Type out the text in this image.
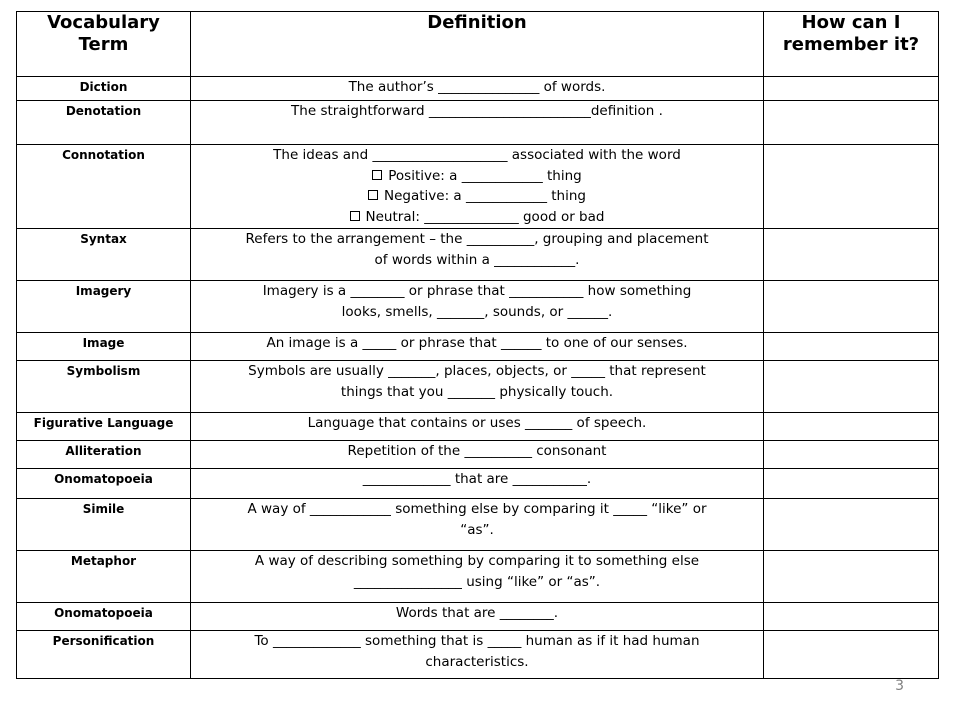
Vocabulary Term	Definition	How can I remember it?
Diction	The author’s _______________ of words.	

Denotation	The straightforward ________________________definition .	

Connotation	The ideas and ____________________ associated with the word
Positive: a ____________ thing
Negative: a ____________ thing
Neutral: ______________ good or bad	

Syntax	Refers to the arrangement – the __________, grouping and placement
of words within a ____________.	

Imagery	Imagery is a ________ or phrase that ___________ how something
looks, smells, _______, sounds, or ______.	

Image	An image is a _____ or phrase that ______ to one of our senses.	

Symbolism	Symbols are usually _______, places, objects, or _____ that represent
things that you _______ physically touch.	

Figurative Language	Language that contains or uses _______ of speech.	

Alliteration	Repetition of the __________ consonant	

Onomatopoeia	_____________ that are ___________.	

Simile	A way of ____________ something else by comparing it _____ “like” or
“as”.	

Metaphor	A way of describing something by comparing it to something else
________________ using “like” or “as”.	

Onomatopoeia	Words that are ________.	

Personification	To _____________ something that is _____ human as if it had human
characteristics.	

3
